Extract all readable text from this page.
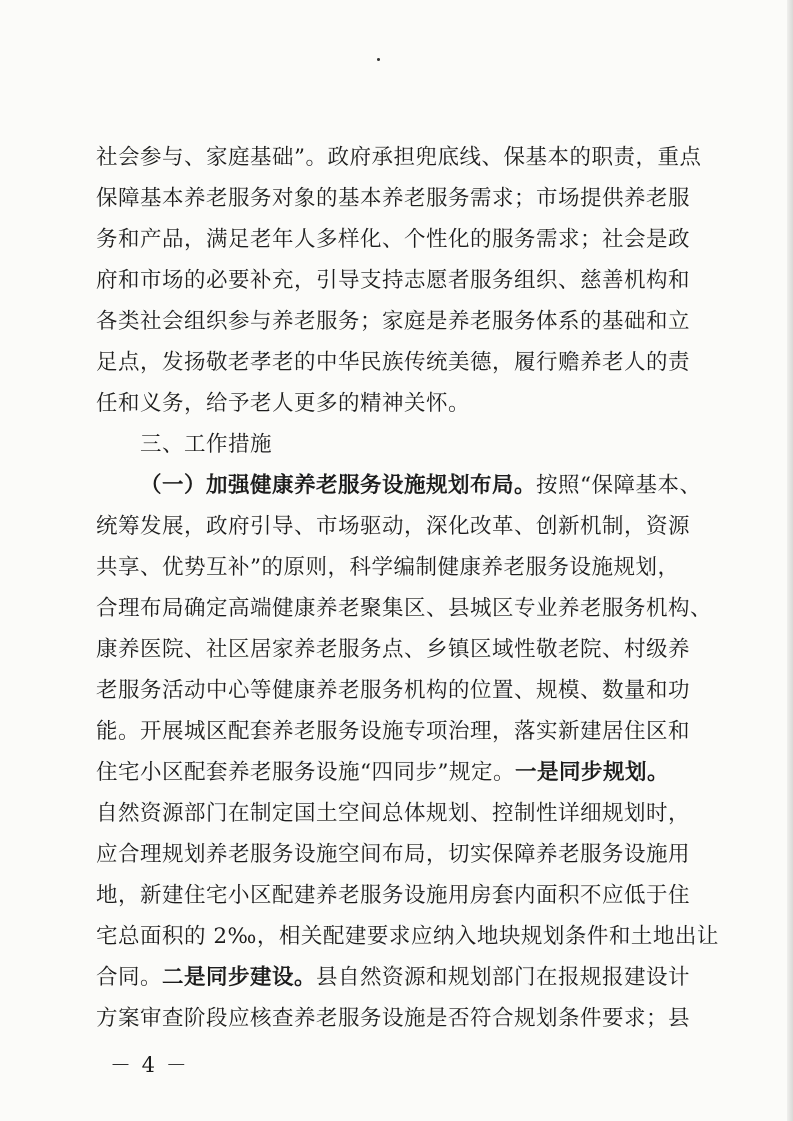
社会参与、家庭基础”。政府承担兜底线、保基本的职责，重点
保障基本养老服务对象的基本养老服务需求；市场提供养老服
务和产品，满足老年人多样化、个性化的服务需求；社会是政
府和市场的必要补充，引导支持志愿者服务组织、慈善机构和
各类社会组织参与养老服务；家庭是养老服务体系的基础和立
足点，发扬敬老孝老的中华民族传统美德，履行赡养老人的责
任和义务，给予老人更多的精神关怀。
三、工作措施
（一）加强健康养老服务设施规划布局。按照“保障基本、
统筹发展，政府引导、市场驱动，深化改革、创新机制，资源
共享、优势互补”的原则，科学编制健康养老服务设施规划，
合理布局确定高端健康养老聚集区、县城区专业养老服务机构、
康养医院、社区居家养老服务点、乡镇区域性敬老院、村级养
老服务活动中心等健康养老服务机构的位置、规模、数量和功
能。开展城区配套养老服务设施专项治理，落实新建居住区和
住宅小区配套养老服务设施“四同步”规定。一是同步规划。
自然资源部门在制定国土空间总体规划、控制性详细规划时，
应合理规划养老服务设施空间布局，切实保障养老服务设施用
地，新建住宅小区配建养老服务设施用房套内面积不应低于住
宅总面积的 2‰，相关配建要求应纳入地块规划条件和土地出让
合同。二是同步建设。县自然资源和规划部门在报规报建设计
方案审查阶段应核查养老服务设施是否符合规划条件要求；县
－ 4 －
